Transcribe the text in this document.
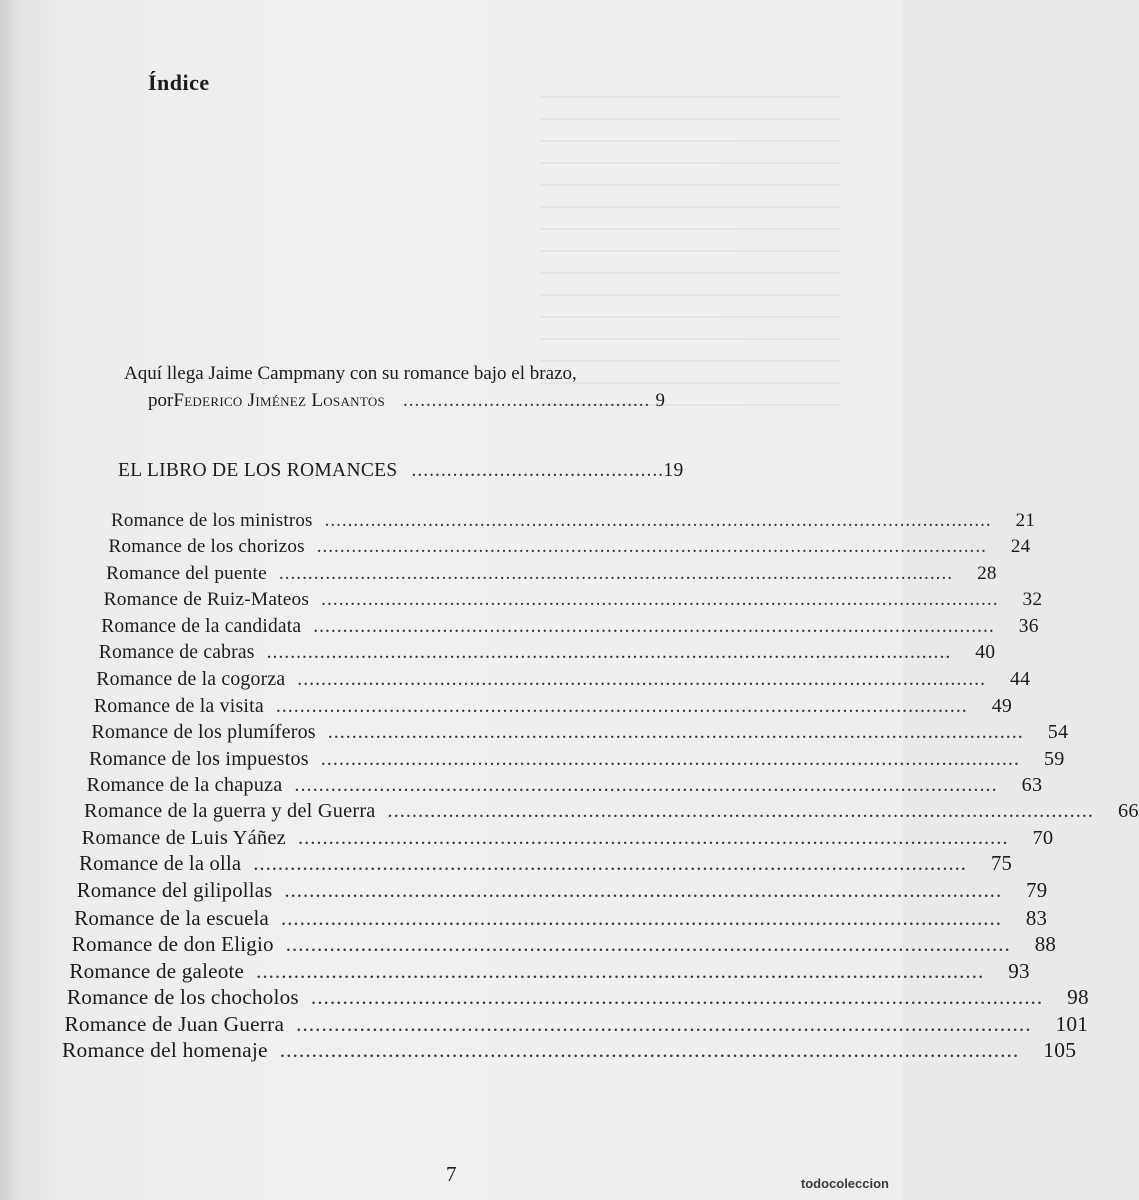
Índice
Aquí llega Jaime Campmany con su romance bajo el brazo,
por Federico Jiménez Losantos ........................................... 9
EL LIBRO DE LOS ROMANCES ........................................... 19
Romance de los ministros .................................................................................................................... 21
Romance de los chorizos .................................................................................................................... 24
Romance del puente .................................................................................................................... 28
Romance de Ruiz-Mateos .................................................................................................................... 32
Romance de la candidata .................................................................................................................... 36
Romance de cabras .................................................................................................................... 40
Romance de la cogorza .................................................................................................................... 44
Romance de la visita .................................................................................................................... 49
Romance de los plumíferos .................................................................................................................... 54
Romance de los impuestos .................................................................................................................... 59
Romance de la chapuza .................................................................................................................... 63
Romance de la guerra y del Guerra .................................................................................................................... 66
Romance de Luis Yáñez .................................................................................................................... 70
Romance de la olla .................................................................................................................... 75
Romance del gilipollas .................................................................................................................... 79
Romance de la escuela .................................................................................................................... 83
Romance de don Eligio .................................................................................................................... 88
Romance de galeote .................................................................................................................... 93
Romance de los chocholos .................................................................................................................... 98
Romance de Juan Guerra .................................................................................................................... 101
Romance del homenaje .................................................................................................................... 105
7	todocoleccion
